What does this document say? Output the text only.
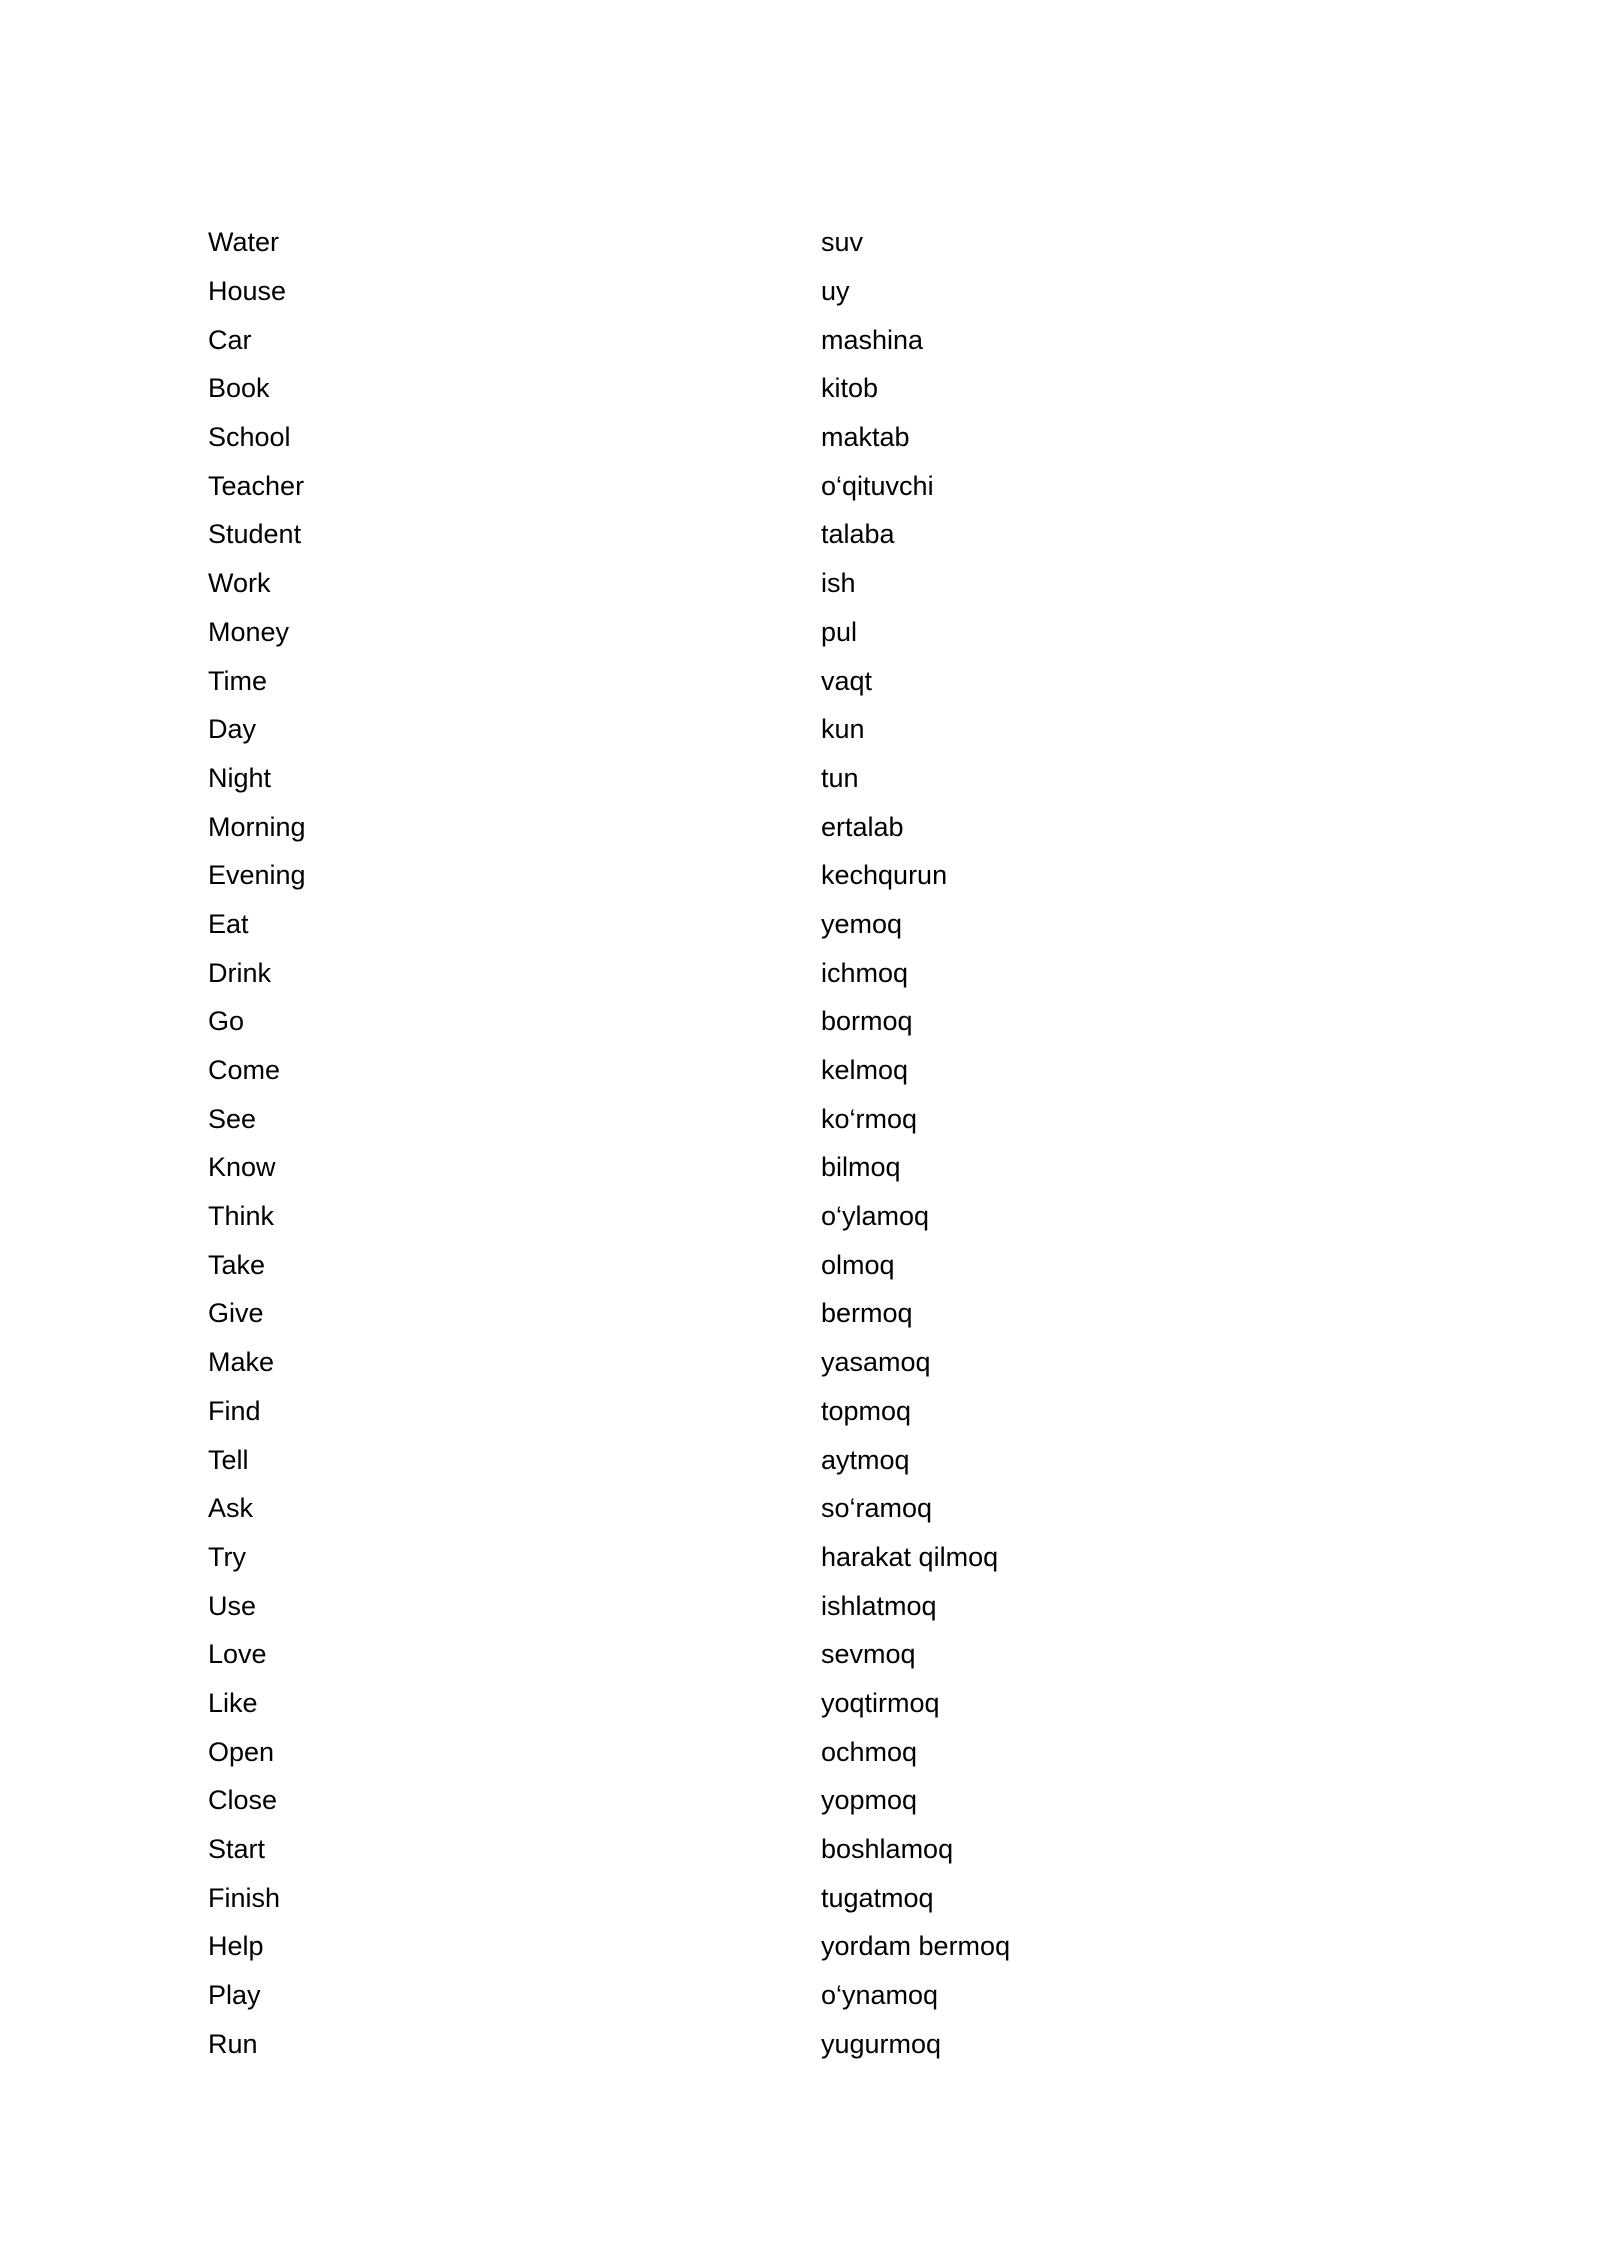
Water	suv
House	uy
Car	mashina
Book	kitob
School	maktab
Teacher	o‘qituvchi
Student	talaba
Work	ish
Money	pul
Time	vaqt
Day	kun
Night	tun
Morning	ertalab
Evening	kechqurun
Eat	yemoq
Drink	ichmoq
Go	bormoq
Come	kelmoq
See	ko‘rmoq
Know	bilmoq
Think	o‘ylamoq
Take	olmoq
Give	bermoq
Make	yasamoq
Find	topmoq
Tell	aytmoq
Ask	so‘ramoq
Try	harakat qilmoq
Use	ishlatmoq
Love	sevmoq
Like	yoqtirmoq
Open	ochmoq
Close	yopmoq
Start	boshlamoq
Finish	tugatmoq
Help	yordam bermoq
Play	o‘ynamoq
Run	yugurmoq
